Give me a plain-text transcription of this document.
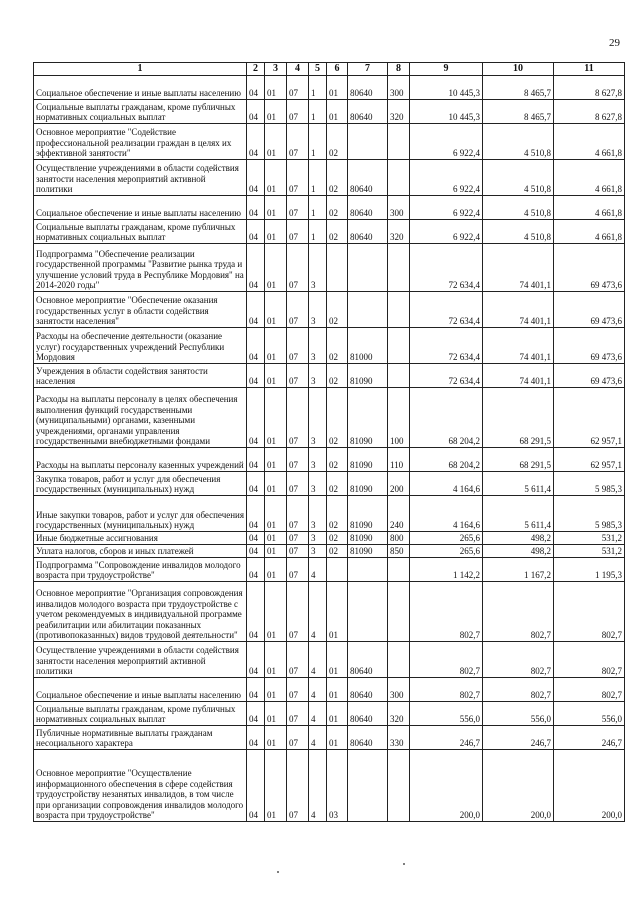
29
1	2	3	4	5	6	7	8	9	10	11
Социальное обеспечение и иные выплаты населению	04	01	07	1	01	80640	300	10 445,3	8 465,7	8 627,8
Социальные выплаты гражданам, кроме публичных нормативных социальных выплат	04	01	07	1	01	80640	320	10 445,3	8 465,7	8 627,8
Основное мероприятие "Содействие профессиональной реализации граждан в целях их эффективной занятости"	04	01	07	1	02			6 922,4	4 510,8	4 661,8
Осуществление учреждениями в области содействия занятости населения мероприятий активной политики	04	01	07	1	02	80640		6 922,4	4 510,8	4 661,8
Социальное обеспечение и иные выплаты населению	04	01	07	1	02	80640	300	6 922,4	4 510,8	4 661,8
Социальные выплаты гражданам, кроме публичных нормативных социальных выплат	04	01	07	1	02	80640	320	6 922,4	4 510,8	4 661,8
Подпрограмма "Обеспечение реализации государственной программы "Развитие рынка труда и улучшение условий труда в Республике Мордовия" на 2014-2020 годы"	04	01	07	3				72 634,4	74 401,1	69 473,6
Основное мероприятие "Обеспечение оказания государственных услуг в области содействия занятости населения"	04	01	07	3	02			72 634,4	74 401,1	69 473,6
Расходы на обеспечение деятельности (оказание услуг) государственных учреждений Республики Мордовия	04	01	07	3	02	81000		72 634,4	74 401,1	69 473,6
Учреждения в области содействия занятости населения	04	01	07	3	02	81090		72 634,4	74 401,1	69 473,6
Расходы на выплаты персоналу в целях обеспечения выполнения функций государственными (муниципальными) органами, казенными учреждениями, органами управления государственными внебюджетными фондами	04	01	07	3	02	81090	100	68 204,2	68 291,5	62 957,1
Расходы на выплаты персоналу казенных учреждений	04	01	07	3	02	81090	110	68 204,2	68 291,5	62 957,1
Закупка товаров, работ и услуг для обеспечения государственных (муниципальных) нужд	04	01	07	3	02	81090	200	4 164,6	5 611,4	5 985,3
Иные закупки товаров, работ и услуг для обеспечения государственных (муниципальных) нужд	04	01	07	3	02	81090	240	4 164,6	5 611,4	5 985,3
Иные бюджетные ассигнования	04	01	07	3	02	81090	800	265,6	498,2	531,2
Уплата налогов, сборов и иных платежей	04	01	07	3	02	81090	850	265,6	498,2	531,2
Подпрограмма "Сопровождение инвалидов молодого возраста при трудоустройстве"	04	01	07	4				1 142,2	1 167,2	1 195,3
Основное мероприятие "Организация сопровождения инвалидов молодого возраста при трудоустройстве с учетом рекомендуемых в индивидуальной программе реабилитации или абилитации показанных (противопоказанных) видов трудовой деятельности"	04	01	07	4	01			802,7	802,7	802,7
Осуществление учреждениями в области содействия занятости населения мероприятий активной политики	04	01	07	4	01	80640		802,7	802,7	802,7
Социальное обеспечение и иные выплаты населению	04	01	07	4	01	80640	300	802,7	802,7	802,7
Социальные выплаты гражданам, кроме публичных нормативных социальных выплат	04	01	07	4	01	80640	320	556,0	556,0	556,0
Публичные нормативные выплаты гражданам несоциального характера	04	01	07	4	01	80640	330	246,7	246,7	246,7
Основное мероприятие "Осуществление информационного обеспечения в сфере содействия трудоустройству незанятых инвалидов, в том числе при организации сопровождения инвалидов молодого возраста при трудоустройстве"	04	01	07	4	03			200,0	200,0	200,0
